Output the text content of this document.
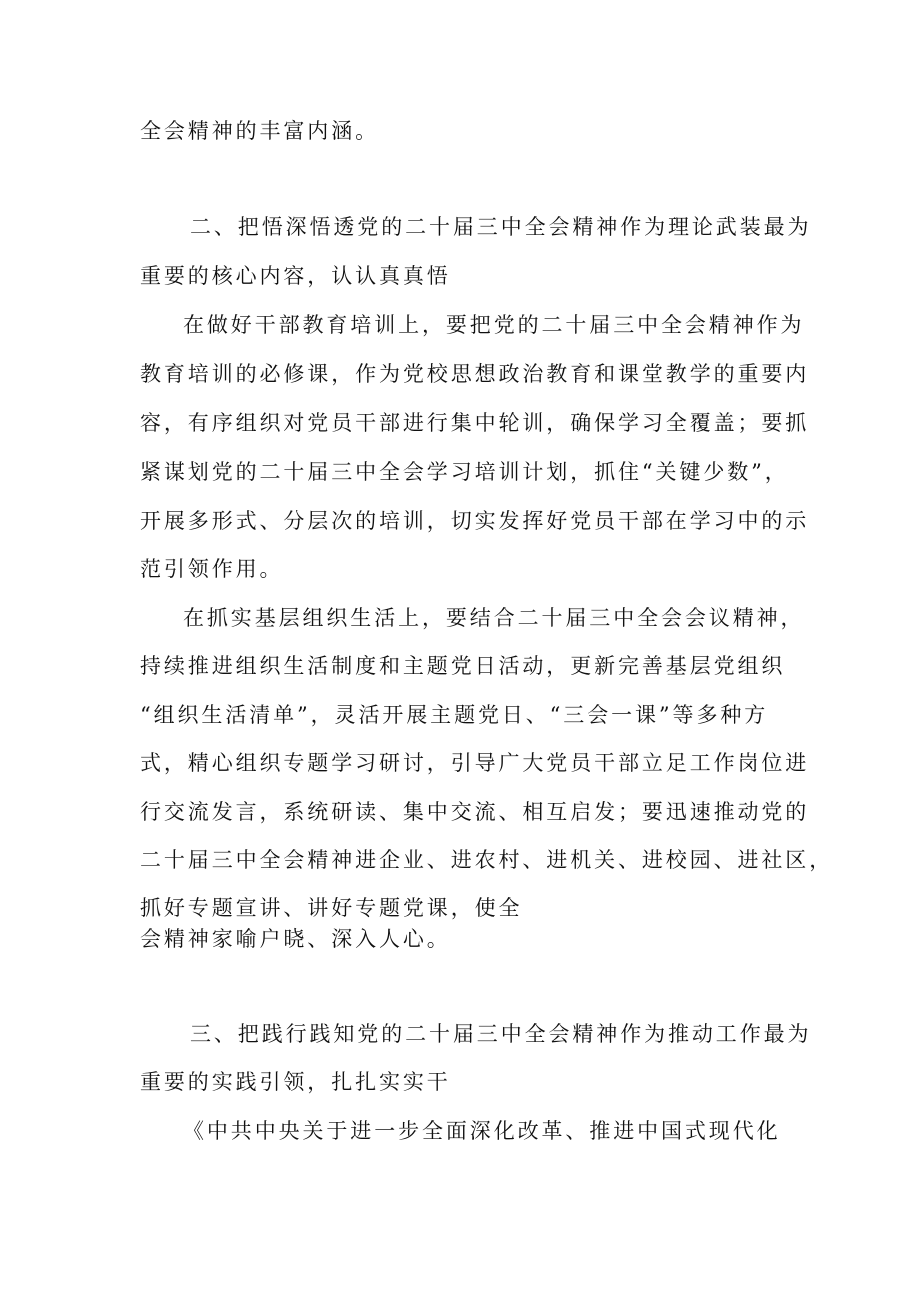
全会精神的丰富内涵。

二、把悟深悟透党的二十届三中全会精神作为理论武装最为

重要的核心内容，认认真真悟

在做好干部教育培训上，要把党的二十届三中全会精神作为

教育培训的必修课，作为党校思想政治教育和课堂教学的重要内

容，有序组织对党员干部进行集中轮训，确保学习全覆盖；要抓

紧谋划党的二十届三中全会学习培训计划，抓住“关键少数”，

开展多形式、分层次的培训，切实发挥好党员干部在学习中的示

范引领作用。

在抓实基层组织生活上，要结合二十届三中全会会议精神，

持续推进组织生活制度和主题党日活动，更新完善基层党组织

“组织生活清单”，灵活开展主题党日、“三会一课”等多种方

式，精心组织专题学习研讨，引导广大党员干部立足工作岗位进

行交流发言，系统研读、集中交流、相互启发；要迅速推动党的

二十届三中全会精神进企业、进农村、进机关、进校园、进社区，

抓好专题宣讲、讲好专题党课，使全

会精神家喻户晓、深入人心。

三、把践行践知党的二十届三中全会精神作为推动工作最为

重要的实践引领，扎扎实实干

《中共中央关于进一步全面深化改革、推进中国式现代化
